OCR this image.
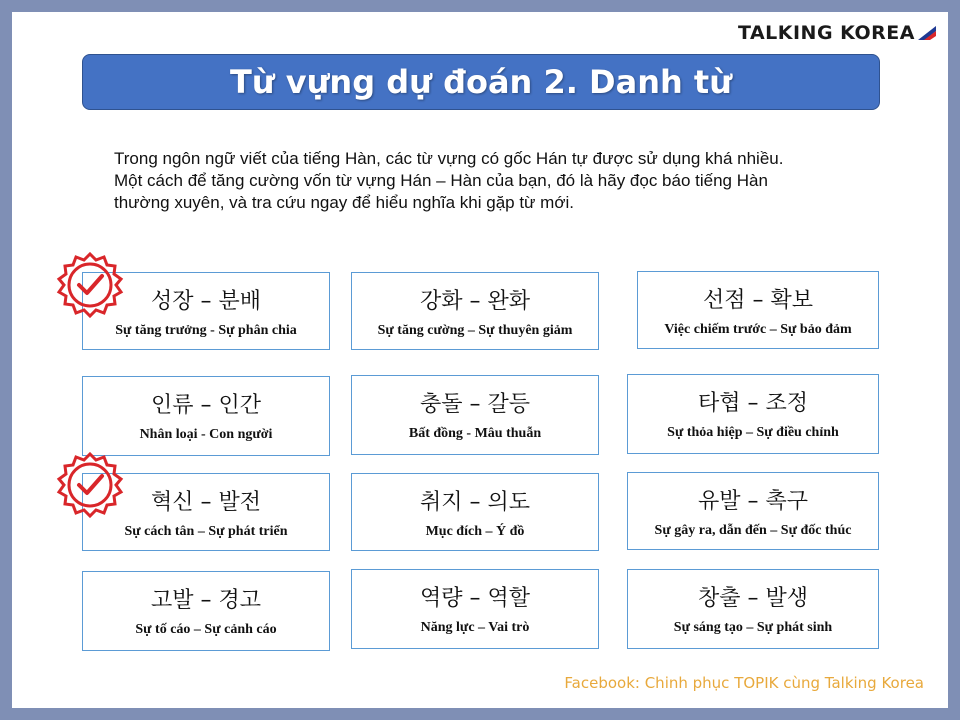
TALKING KOREA
Từ vựng dự đoán 2. Danh từ

Trong ngôn ngữ viết của tiếng Hàn, các từ vựng có gốc Hán tự được sử dụng khá nhiều.

Một cách để tăng cường vốn từ vựng Hán – Hàn của bạn, đó là hãy đọc báo tiếng Hàn

thường xuyên, và tra cứu ngay để hiểu nghĩa khi gặp từ mới.

성장 – 분배
Sự tăng trưởng - Sự phân chia
강화 – 완화
Sự tăng cường – Sự thuyên giảm
선점 – 확보
Việc chiếm trước – Sự bảo đảm
인류 – 인간
Nhân loại - Con người
충돌 – 갈등
Bất đồng - Mâu thuẫn
타협 – 조정
Sự thỏa hiệp – Sự điều chỉnh
혁신 – 발전
Sự cách tân – Sự phát triển
취지 – 의도
Mục đích – Ý đồ
유발 – 촉구
Sự gây ra, dẫn đến – Sự đốc thúc
고발 – 경고
Sự tố cáo – Sự cảnh cáo
역량 – 역할
Năng lực – Vai trò
창출 – 발생
Sự sáng tạo – Sự phát sinh
Facebook: Chinh phục TOPIK cùng Talking Korea
